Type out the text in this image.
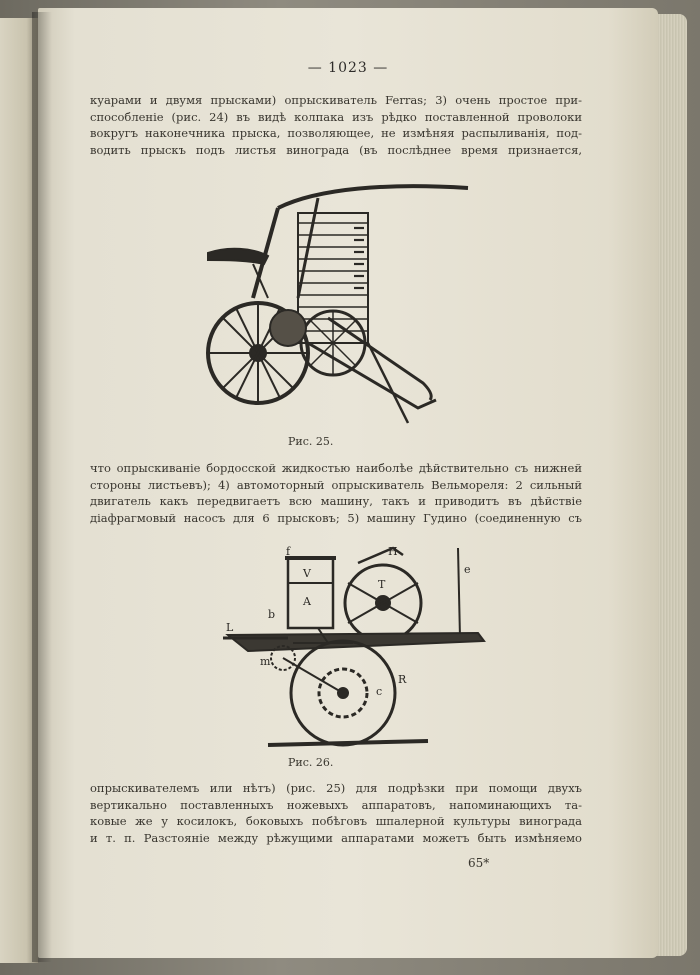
— 1023 —
куарами и двумя прысками) опрыскиватель Ferras; 3) очень простое при-
способленіе (рис. 24) въ видѣ колпака изъ рѣдко поставленной проволоки
вокругъ наконечника прыска, позволяющее, не измѣняя распыливанія, под-
водить прыскъ подъ листья винограда (въ послѣднее время признается,
Рис. 25.
что опрыскиваніе бордосской жидкостью наиболѣе дѣйствительно съ нижней
стороны листьевъ); 4) автомоторный опрыскиватель Вельмореля: 2 сильный
двигатель какъ передвигаетъ всю машину, такъ и приводитъ въ дѣйствіе
діафрагмовый насосъ для 6 прысковъ; 5) машину Гудино (соединенную съ
f
V
A
T
L
b
m
c
R
e
H
Рис. 26.
опрыскивателемъ или нѣтъ) (рис. 25) для подрѣзки при помощи двухъ
вертикально поставленныхъ ножевыхъ аппаратовъ, напоминающихъ та-
ковые же у косилокъ, боковыхъ побѣговъ шпалерной культуры винограда
и т. п. Разстояніе между рѣжущими аппаратами можетъ быть измѣняемо
65*
